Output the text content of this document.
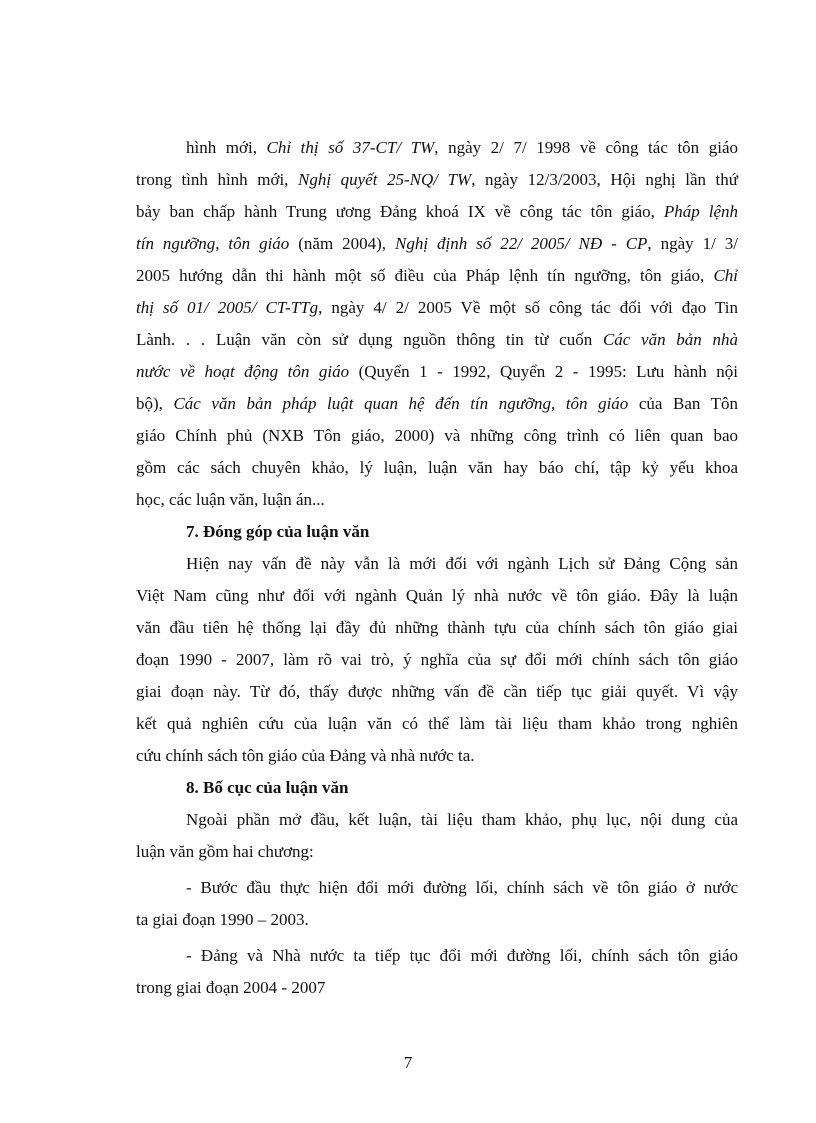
hình mới, Chỉ thị số 37-CT/ TW, ngày 2/ 7/ 1998 về công tác tôn giáo
trong tình hình mới, Nghị quyết 25-NQ/ TW, ngày 12/3/2003, Hội nghị lần thứ
bảy ban chấp hành Trung ương Đảng khoá IX về công tác tôn giáo, Pháp lệnh
tín ngưỡng, tôn giáo (năm 2004), Nghị định số 22/ 2005/ NĐ - CP, ngày 1/ 3/
2005 hướng dẫn thi hành một số điều của Pháp lệnh tín ngưỡng, tôn giáo, Chỉ
thị số 01/ 2005/ CT-TTg, ngày 4/ 2/ 2005 Về một số công tác đối với đạo Tin
Lành. . . Luận văn còn sử dụng nguồn thông tin từ cuốn Các văn bản nhà
nước về hoạt động tôn giáo (Quyển 1 - 1992, Quyển 2 - 1995: Lưu hành nội
bộ), Các văn bản pháp luật quan hệ đến tín ngưỡng, tôn giáo của Ban Tôn
giáo Chính phủ (NXB Tôn giáo, 2000) và những công trình có liên quan bao
gồm các sách chuyên khảo, lý luận, luận văn hay báo chí, tập kỷ yếu khoa
học, các luận văn, luận án...
7. Đóng góp của luận văn
Hiện nay vấn đề này vẫn là mới đối với ngành Lịch sử Đảng Cộng sản
Việt Nam cũng như đối với ngành Quản lý nhà nước về tôn giáo. Đây là luận
văn đầu tiên hệ thống lại đầy đủ những thành tựu của chính sách tôn giáo giai
đoạn 1990 - 2007, làm rõ vai trò, ý nghĩa của sự đổi mới chính sách tôn giáo
giai đoạn này. Từ đó, thấy được những vấn đề cần tiếp tục giải quyết. Vì vậy
kết quả nghiên cứu của luận văn có thể làm tài liệu tham khảo trong nghiên
cứu chính sách tôn giáo của Đảng và nhà nước ta.
8. Bố cục của luận văn
Ngoài phần mở đầu, kết luận, tài liệu tham khảo, phụ lục, nội dung của
luận văn gồm hai chương:
- Bước đầu thực hiện đổi mới đường lối, chính sách về tôn giáo ở nước
ta giai đoạn 1990 – 2003.
- Đảng và Nhà nước ta tiếp tục đổi mới đường lối, chính sách tôn giáo
trong giai đoạn 2004 - 2007
7
